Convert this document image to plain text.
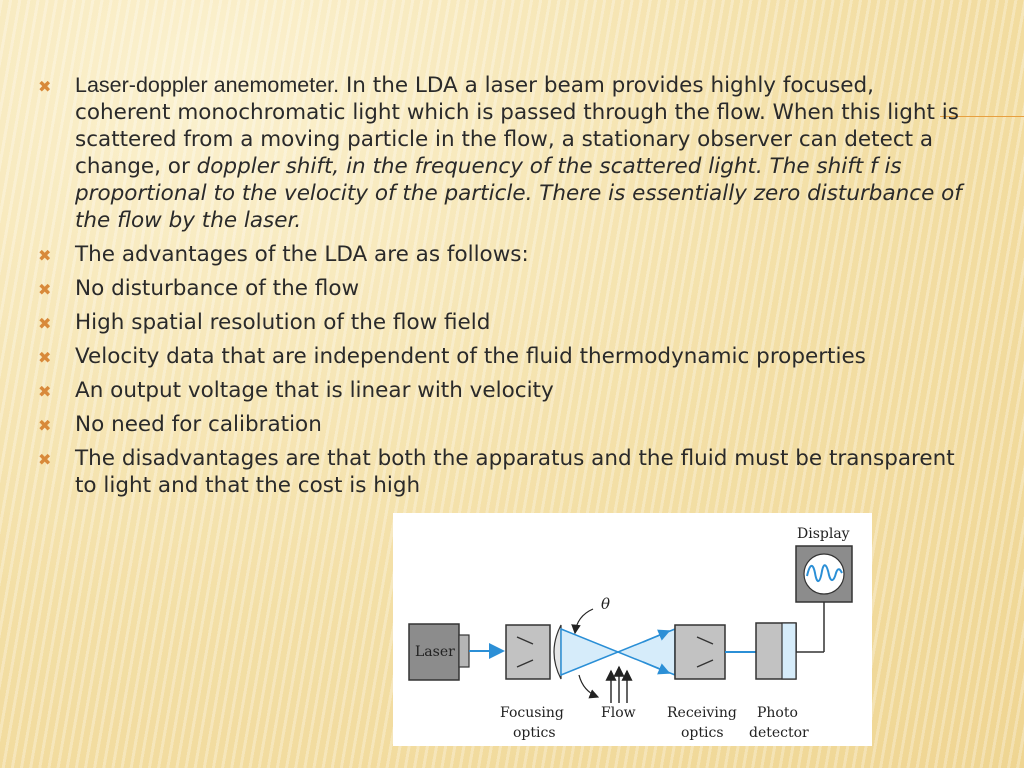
✖ Laser-doppler anemometer. In the LDA a laser beam provides highly focused, coherent monochromatic light which is passed through the flow. When this light is scattered from a moving particle in the flow, a stationary observer can detect a change, or doppler shift, in the frequency of the scattered light. The shift f is proportional to the velocity of the particle. There is essentially zero disturbance of the flow by the laser.
✖ The advantages of the LDA are as follows:
✖ No disturbance of the flow
✖ High spatial resolution of the flow field
✖ Velocity data that are independent of the fluid thermodynamic properties
✖ An output voltage that is linear with velocity
✖ No need for calibration
✖ The disadvantages are that both the apparatus and the fluid must be transparent to light and that the cost is high
Display
Laser
θ
Focusing
optics
Flow Receiving
optics
Photo
detector
